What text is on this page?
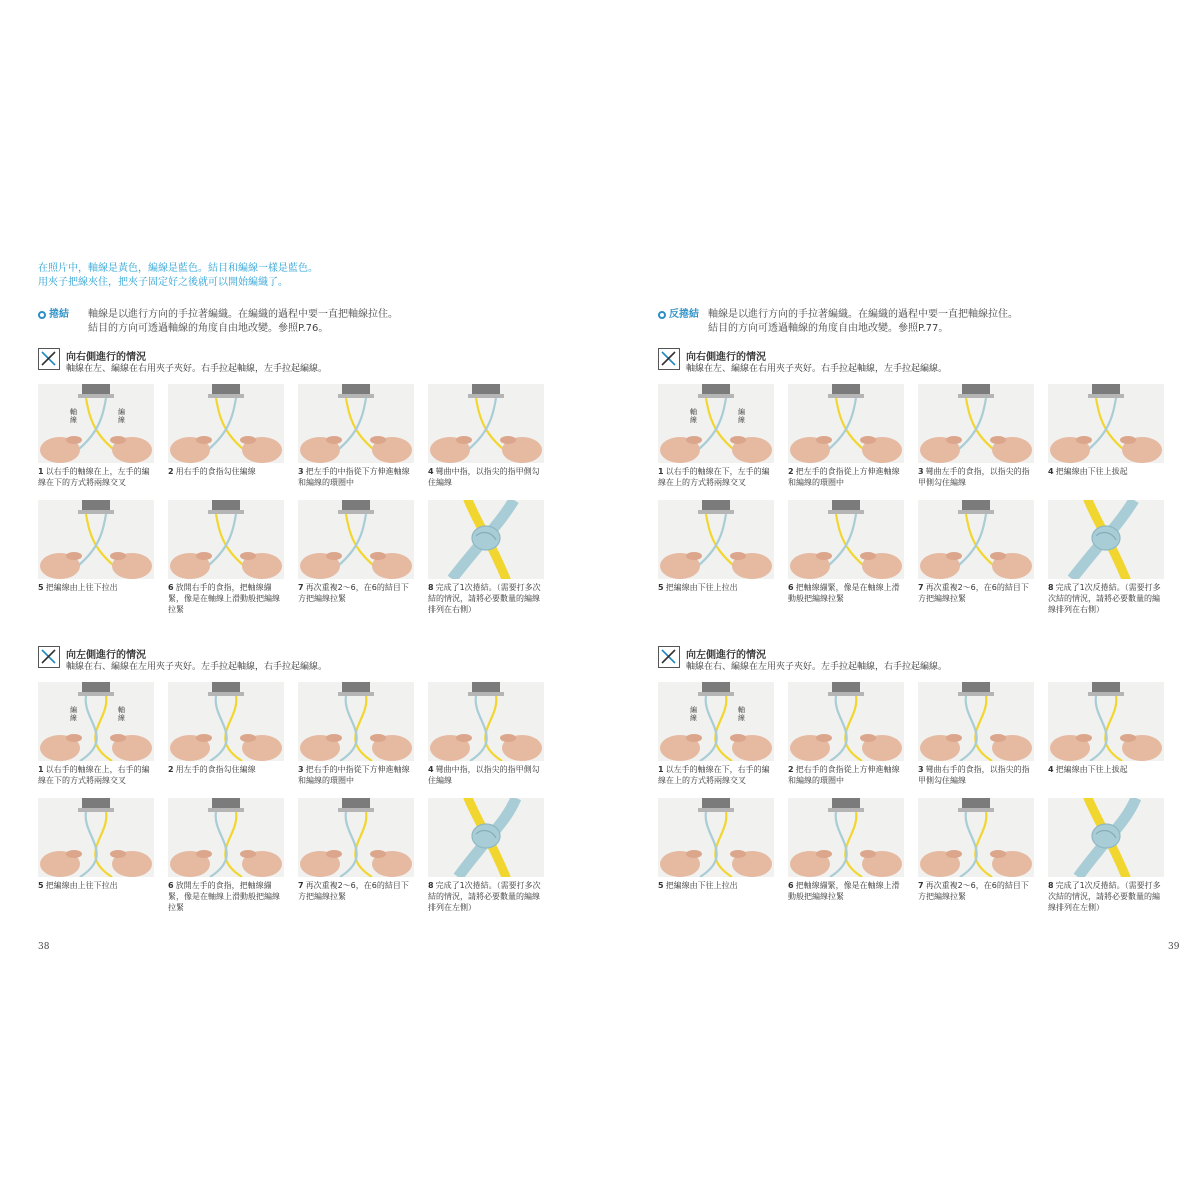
在照片中，軸線是黃色，編線是藍色。結目和編線一樣是藍色。
用夾子把線夾住，把夾子固定好之後就可以開始編織了。
捲結 軸線是以進行方向的手拉著編織。在編織的過程中要一直把軸線拉住。
結目的方向可透過軸線的角度自由地改變。參照P.76。
向右側進行的情況
軸線在左、編線在右用夾子夾好。右手拉起軸線，左手拉起編線。
軸線
編線
1 以右手的軸線在上，左手的編線在下的方式將兩線交叉
2 用右手的食指勾住編線	3 把左手的中指從下方伸進軸線和編線的環圈中
4 彎曲中指，以指尖的指甲側勾住編線
5 把編線由上往下拉出	6 放開右手的食指，把軸線繃緊，像是在軸線上滑動般把編線拉緊
7 再次重複2～6，在6的結目下方把編線拉緊
8 完成了1次捲結。（需要打多次結的情況，請將必要數量的編線排列在右側）
向左側進行的情況
軸線在右、編線在左用夾子夾好。左手拉起軸線，右手拉起編線。
編線
軸線
1 以右手的軸線在上，右手的編線在下的方式將兩線交叉
2 用左手的食指勾住編線	3 把右手的中指從下方伸進軸線和編線的環圈中
4 彎曲中指，以指尖的指甲側勾住編線
5 把編線由上往下拉出	6 放開左手的食指，把軸線繃緊，像是在軸線上滑動般把編線拉緊
7 再次重複2～6，在6的結目下方把編線拉緊
8 完成了1次捲結。（需要打多次結的情況，請將必要數量的編線排列在左側）
38
反捲結 軸線是以進行方向的手拉著編織。在編織的過程中要一直把軸線拉住。
結目的方向可透過軸線的角度自由地改變。參照P.77。
向右側進行的情況
軸線在左、編線在右用夾子夾好。右手拉起軸線，左手拉起編線。
軸線
編線
1 以右手的軸線在下，左手的編線在上的方式將兩線交叉
2 把左手的食指從上方伸進軸線和編線的環圈中
3 彎曲左手的食指，以指尖的指甲側勾住編線
4 把編線由下往上拔起
5 把編線由下往上拉出	6 把軸線繃緊，像是在軸線上滑動般把編線拉緊
7 再次重複2～6，在6的結目下方把編線拉緊
8 完成了1次反捲結。（需要打多次結的情況，請將必要數量的編線排列在右側）
向左側進行的情況
軸線在右、編線在左用夾子夾好。左手拉起軸線，右手拉起編線。
編線
軸線
1 以左手的軸線在下，右手的編線在上的方式將兩線交叉
2 把右手的食指從上方伸進軸線和編線的環圈中
3 彎曲右手的食指，以指尖的指甲側勾住編線
4 把編線由下往上拔起
5 把編線由下往上拉出	6 把軸線繃緊，像是在軸線上滑動般把編線拉緊
7 再次重複2～6，在6的結目下方把編線拉緊
8 完成了1次反捲結。（需要打多次結的情況，請將必要數量的編線排列在左側）
39
